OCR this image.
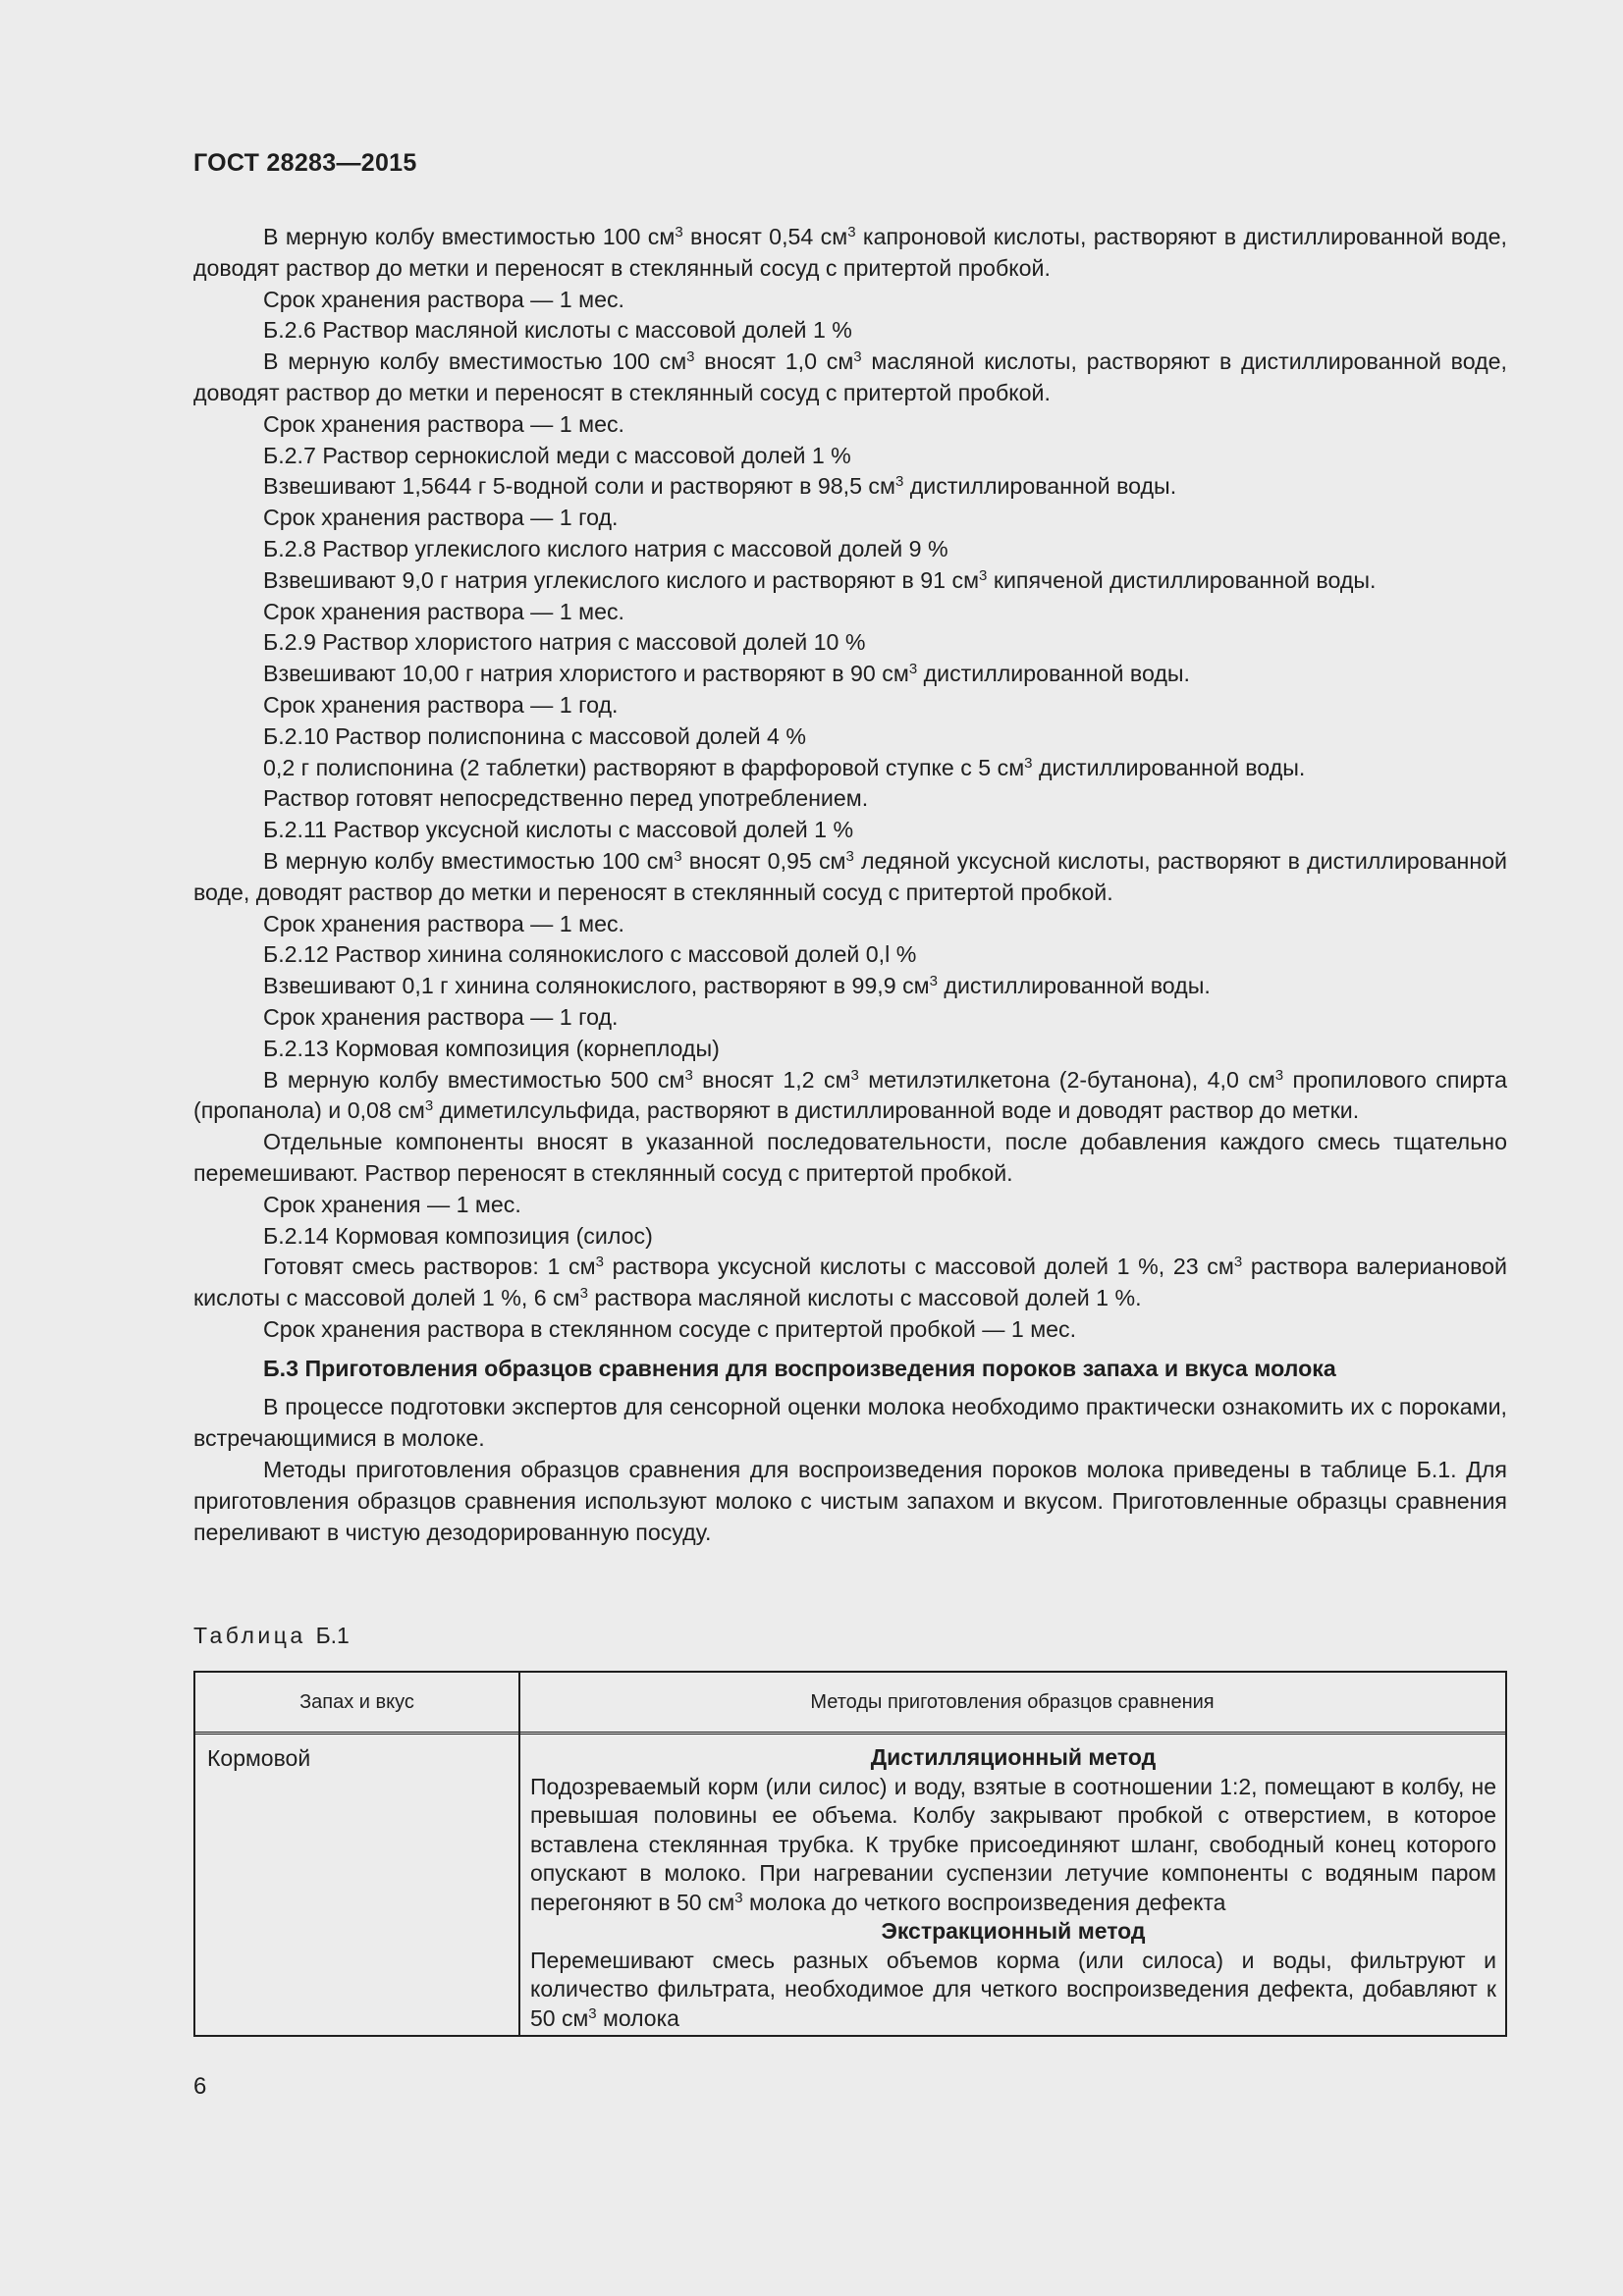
ГОСТ 28283—2015

В мерную колбу вместимостью 100 $см^3$ вносят 0,54 $см^3$ капроновой кислоты, растворяют в дистиллированной воде, доводят раствор до метки и переносят в стеклянный сосуд с притертой пробкой.

Срок хранения раствора — 1 мес.

Б.2.6 Раствор масляной кислоты с массовой долей 1 %

В мерную колбу вместимостью 100 $см^3$ вносят 1,0 $см^3$ масляной кислоты, растворяют в дистиллированной воде, доводят раствор до метки и переносят в стеклянный сосуд с притертой пробкой.

Срок хранения раствора — 1 мес.

Б.2.7 Раствор сернокислой меди с массовой долей 1 %

Взвешивают 1,5644 г 5-водной соли и растворяют в 98,5 $см^3$ дистиллированной воды.

Срок хранения раствора — 1 год.

Б.2.8 Раствор углекислого кислого натрия с массовой долей 9 %

Взвешивают 9,0 г натрия углекислого кислого и растворяют в 91 $см^3$ кипяченой дистиллированной воды.

Срок хранения раствора — 1 мес.

Б.2.9 Раствор хлористого натрия с массовой долей 10 %

Взвешивают 10,00 г натрия хлористого и растворяют в 90 $см^3$ дистиллированной воды.

Срок хранения раствора — 1 год.

Б.2.10 Раствор полиспонина с массовой долей 4 %

0,2 г полиспонина (2 таблетки) растворяют в фарфоровой ступке с 5 $см^3$ дистиллированной воды.

Раствор готовят непосредственно перед употреблением.

Б.2.11 Раствор уксусной кислоты с массовой долей 1 %

В мерную колбу вместимостью 100 $см^3$ вносят 0,95 $см^3$ ледяной уксусной кислоты, растворяют в дистиллированной воде, доводят раствор до метки и переносят в стеклянный сосуд с притертой пробкой.

Срок хранения раствора — 1 мес.

Б.2.12 Раствор хинина солянокислого с массовой долей 0,l %

Взвешивают 0,1 г хинина солянокислого, растворяют в 99,9 $см^3$ дистиллированной воды.

Срок хранения раствора — 1 год.

Б.2.13 Кормовая композиция (корнеплоды)

В мерную колбу вместимостью 500 $см^3$ вносят 1,2 $см^3$ метилэтилкетона (2-бутанона), 4,0 $см^3$ пропилового спирта (пропанола) и 0,08 $см^3$ диметилсульфида, растворяют в дистиллированной воде и доводят раствор до метки.

Отдельные компоненты вносят в указанной последовательности, после добавления каждого смесь тщательно перемешивают. Раствор переносят в стеклянный сосуд с притертой пробкой.

Срок хранения — 1 мес.

Б.2.14 Кормовая композиция (силос)

Готовят смесь растворов: 1 $см^3$ раствора уксусной кислоты с массовой долей 1 %, 23 $см^3$ раствора валериановой кислоты с массовой долей 1 %, 6 $см^3$ раствора масляной кислоты с массовой долей 1 %.

Срок хранения раствора в стеклянном сосуде с притертой пробкой — 1 мес.

Б.3 Приготовления образцов сравнения для воспроизведения пороков запаха и вкуса молока

В процессе подготовки экспертов для сенсорной оценки молока необходимо практически ознакомить их с пороками, встречающимися в молоке.

Методы приготовления образцов сравнения для воспроизведения пороков молока приведены в таблице Б.1. Для приготовления образцов сравнения используют молоко с чистым запахом и вкусом. Приготовленные образцы сравнения переливают в чистую дезодорированную посуду.

Таблица Б.1
Запах и вкус	Методы приготовления образцов сравнения
Кормовой	Дистилляционный метод

Подозреваемый корм (или силос) и воду, взятые в соотношении 1:2, помещают в колбу, не превышая половины ее объема. Колбу закрывают пробкой с отверстием, в которое вставлена стеклянная трубка. К трубке присоединяют шланг, свободный конец которого опускают в молоко. При нагревании суспензии летучие компоненты с водяным паром перегоняют в 50 $см^3$ молока до четкого воспроизведения дефекта

Экстракционный метод

Перемешивают смесь разных объемов корма (или силоса) и воды, фильтруют и количество фильтрата, необходимое для четкого воспроизведения дефекта, добавляют к 50 $см^3$ молока

6
